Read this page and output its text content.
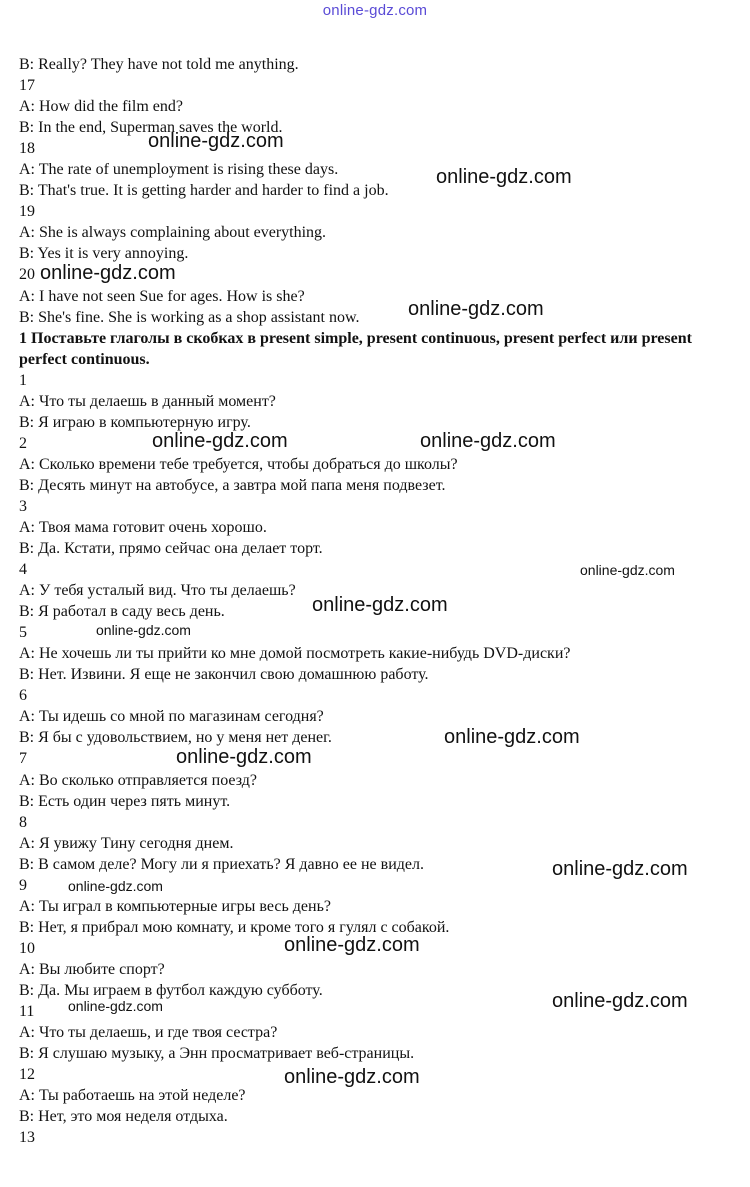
online-gdz.com
B: Really? They have not told me anything.
17
A: How did the film end?
B: In the end, Superman saves the world.
18
A: The rate of unemployment is rising these days.
B: That's true. It is getting harder and harder to find a job.
19
A: She is always complaining about everything.
B: Yes it is very annoying.
20
A: I have not seen Sue for ages. How is she?
B: She's fine. She is working as a shop assistant now.
1 Поставьте глаголы в скобках в present simple, present continuous, present perfect или present perfect continuous.
1
A: Что ты делаешь в данный момент?
B: Я играю в компьютерную игру.
2
A: Сколько времени тебе требуется, чтобы добраться до школы?
B: Десять минут на автобусе, а завтра мой папа меня подвезет.
3
A: Твоя мама готовит очень хорошо.
B: Да. Кстати, прямо сейчас она делает торт.
4
A: У тебя усталый вид. Что ты делаешь?
B: Я работал в саду весь день.
5
A: Не хочешь ли ты прийти ко мне домой посмотреть какие-нибудь DVD-диски?
B: Нет. Извини. Я еще не закончил свою домашнюю работу.
6
A: Ты идешь со мной по магазинам сегодня?
B: Я бы с удовольствием, но у меня нет денег.
7
A: Во сколько отправляется поезд?
B: Есть один через пять минут.
8
A: Я увижу Тину сегодня днем.
B: В самом деле? Могу ли я приехать? Я давно ее не видел.
9
A: Ты играл в компьютерные игры весь день?
B: Нет, я прибрал мою комнату, и кроме того я гулял с собакой.
10
A: Вы любите спорт?
B: Да. Мы играем в футбол каждую субботу.
11
A: Что ты делаешь, и где твоя сестра?
B: Я слушаю музыку, а Энн просматривает веб-страницы.
12
A: Ты работаешь на этой неделе?
B: Нет, это моя неделя отдыха.
13
online-gdz.com
online-gdz.com
online-gdz.com
online-gdz.com
online-gdz.com	online-gdz.com
online-gdz.com
online-gdz.com
online-gdz.com
online-gdz.com
online-gdz.com
online-gdz.com
online-gdz.com
online-gdz.com
online-gdz.com
online-gdz.com
online-gdz.com
